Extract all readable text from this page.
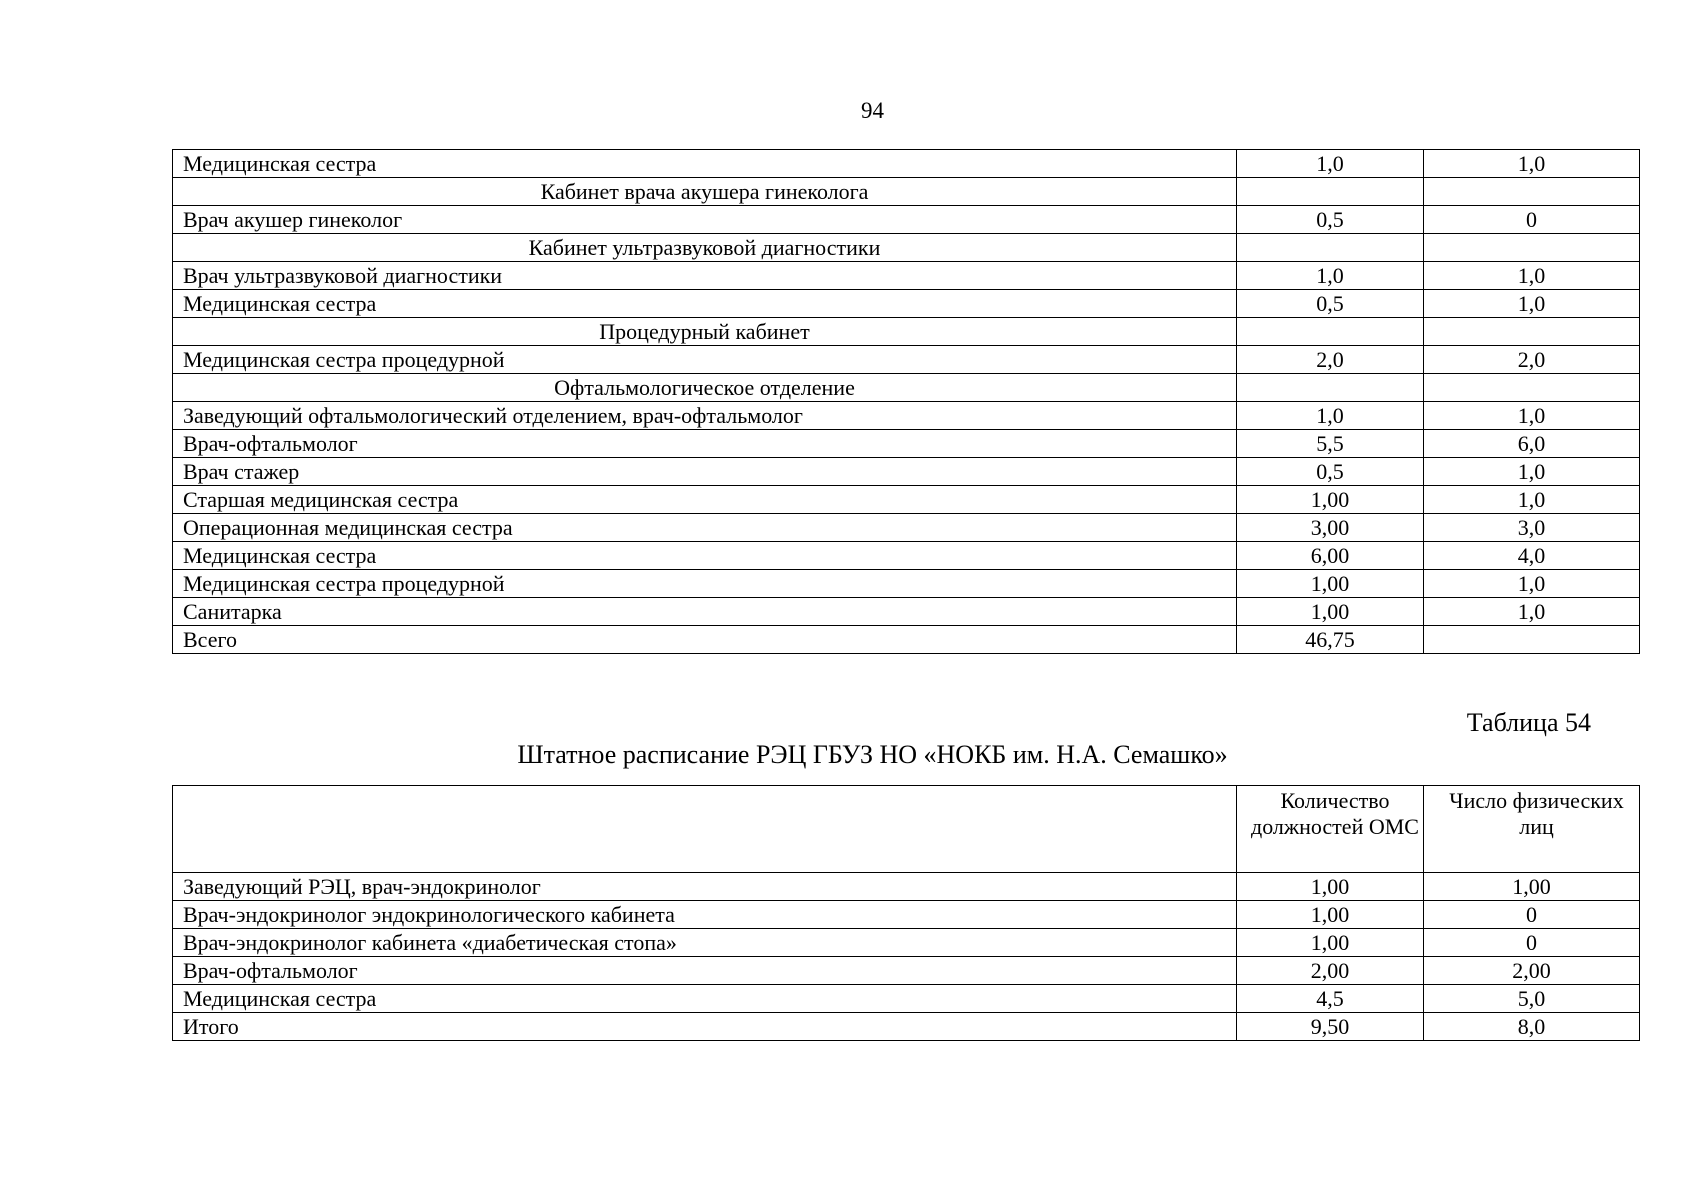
94
Медицинская сестра	1,0	1,0
Кабинет врача акушера гинеколога		
Врач акушер гинеколог	0,5	0
Кабинет ультразвуковой диагностики		
Врач ультразвуковой диагностики	1,0	1,0
Медицинская сестра	0,5	1,0
Процедурный кабинет		
Медицинская сестра процедурной	2,0	2,0
Офтальмологическое отделение		
Заведующий офтальмологический отделением, врач-офтальмолог	1,0	1,0
Врач-офтальмолог	5,5	6,0
Врач стажер	0,5	1,0
Старшая медицинская сестра	1,00	1,0
Операционная медицинская сестра	3,00	3,0
Медицинская сестра	6,00	4,0
Медицинская сестра процедурной	1,00	1,0
Санитарка	1,00	1,0
Всего	46,75	
Таблица 54
Штатное расписание РЭЦ ГБУЗ НО «НОКБ им. Н.А. Семашко»
	Количество должностей ОМС	Число физических лиц
Заведующий РЭЦ, врач-эндокринолог	1,00	1,00
Врач-эндокринолог эндокринологического кабинета	1,00	0
Врач-эндокринолог кабинета «диабетическая стопа»	1,00	0
Врач-офтальмолог	2,00	2,00
Медицинская сестра	4,5	5,0
Итого	9,50	8,0
